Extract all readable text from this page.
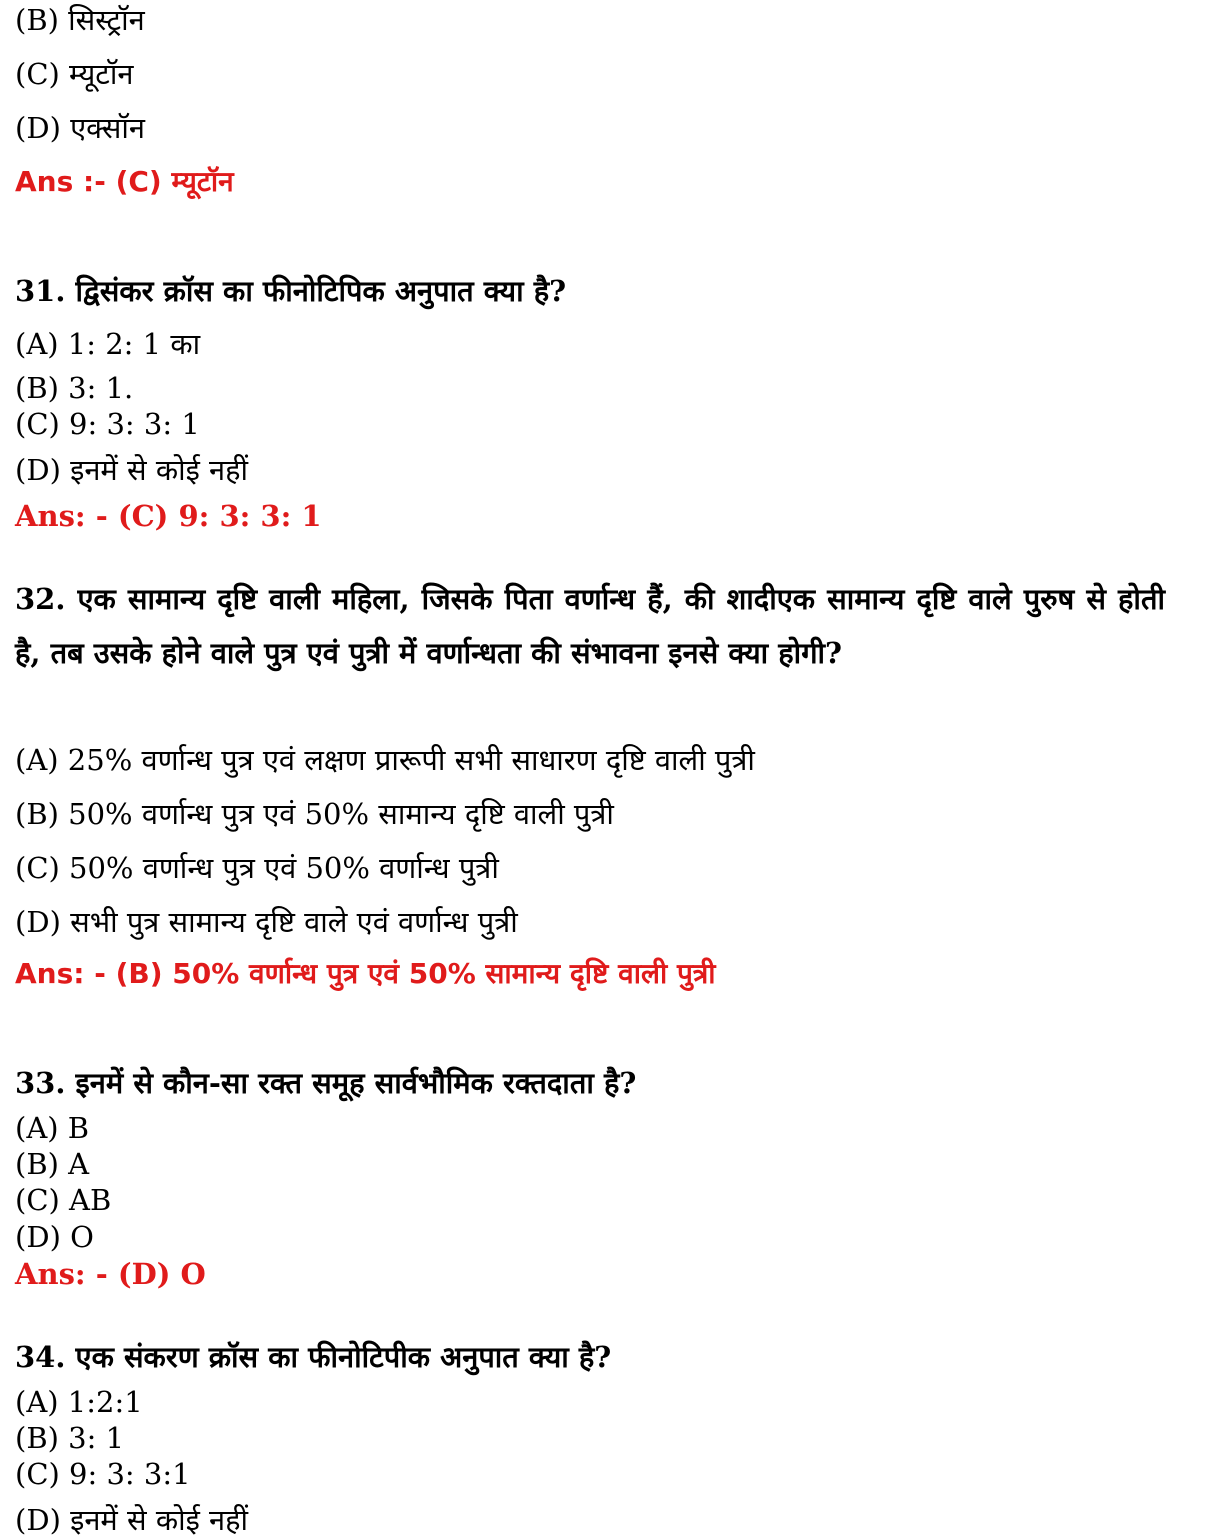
(B) सिस्ट्रॉन
(C) म्यूटॉन
(D) एक्सॉन
Ans :- (C) म्यूटॉन
31. द्विसंकर क्रॉस का फीनोटिपिक अनुपात क्या है?
(A) 1: 2: 1 का
(B) 3: 1.
(C) 9: 3: 3: 1
(D) इनमें से कोई नहीं
Ans: - (C) 9: 3: 3: 1
32. एक सामान्य दृष्टि वाली महिला, जिसके पिता वर्णान्ध हैं, की शादीएक सामान्य दृष्टि वाले पुरुष से होती है, तब उसके होने वाले पुत्र एवं पुत्री में वर्णान्धता की संभावना इनसे क्या होगी?
(A) 25% वर्णान्ध पुत्र एवं लक्षण प्रारूपी सभी साधारण दृष्टि वाली पुत्री
(B) 50% वर्णान्ध पुत्र एवं 50% सामान्य दृष्टि वाली पुत्री
(C) 50% वर्णान्ध पुत्र एवं 50% वर्णान्ध पुत्री
(D) सभी पुत्र सामान्य दृष्टि वाले एवं वर्णान्ध पुत्री
Ans: - (B) 50% वर्णान्ध पुत्र एवं 50% सामान्य दृष्टि वाली पुत्री
33. इनमें से कौन-सा रक्त समूह सार्वभौमिक रक्तदाता है?
(A) B
(B) A
(C) AB
(D) O
Ans: - (D) O
34. एक संकरण क्रॉस का फीनोटिपीक अनुपात क्या है?
(A) 1:2:1
(B) 3: 1
(C) 9: 3: 3:1
(D) इनमें से कोई नहीं
